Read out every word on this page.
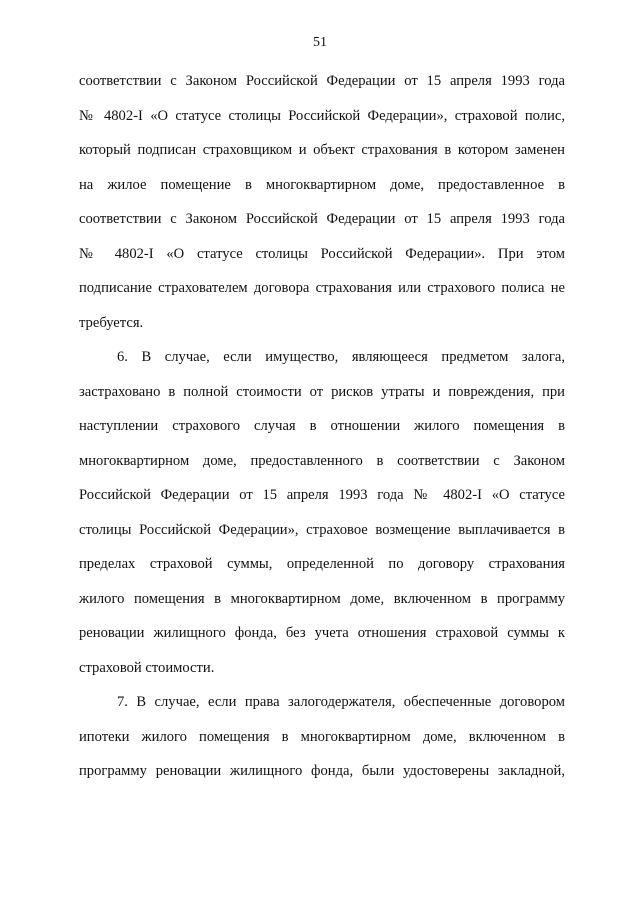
51
соответствии с Законом Российской Федерации от 15 апреля 1993 года
№ 4802-I «О статусе столицы Российской Федерации», страховой полис,
который подписан страховщиком и объект страхования в котором заменен
на жилое помещение в многоквартирном доме, предоставленное в
соответствии с Законом Российской Федерации от 15 апреля 1993 года
№ 4802-I «О статусе столицы Российской Федерации». При этом
подписание страхователем договора страхования или страхового полиса не
требуется.
6. В случае, если имущество, являющееся предметом залога,
застраховано в полной стоимости от рисков утраты и повреждения, при
наступлении страхового случая в отношении жилого помещения в
многоквартирном доме, предоставленного в соответствии с Законом
Российской Федерации от 15 апреля 1993 года № 4802-I «О статусе
столицы Российской Федерации», страховое возмещение выплачивается в
пределах страховой суммы, определенной по договору страхования
жилого помещения в многоквартирном доме, включенном в программу
реновации жилищного фонда, без учета отношения страховой суммы к
страховой стоимости.
7. В случае, если права залогодержателя, обеспеченные договором
ипотеки жилого помещения в многоквартирном доме, включенном в
программу реновации жилищного фонда, были удостоверены закладной,
